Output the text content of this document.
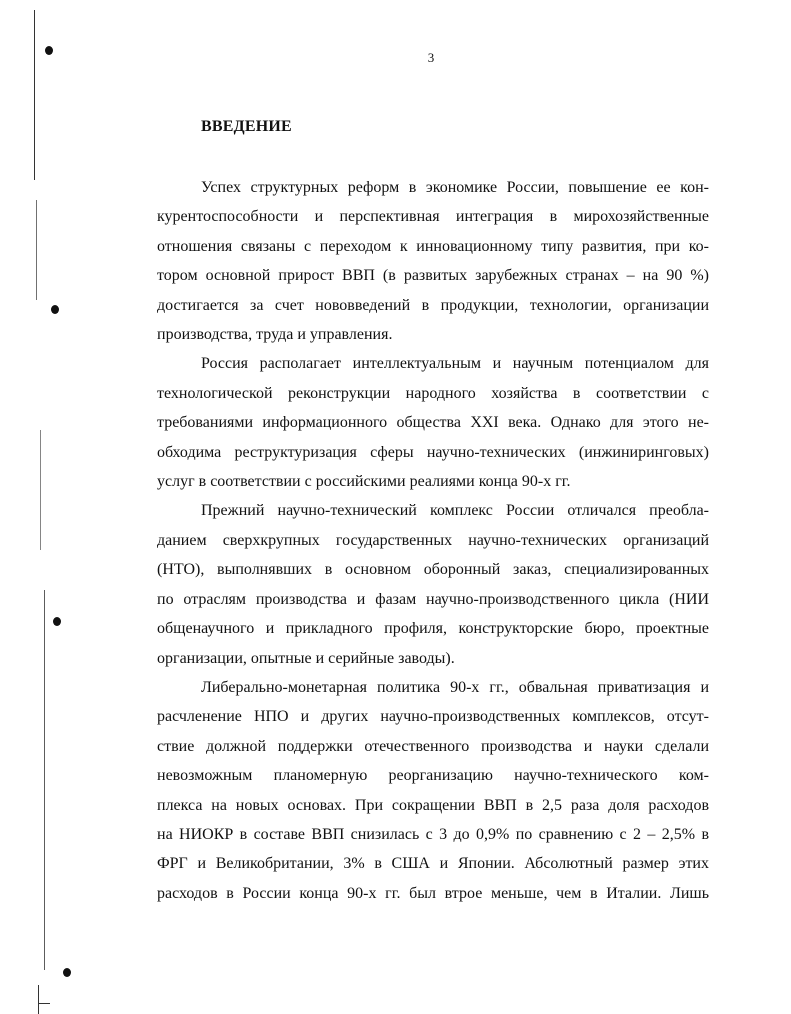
3
ВВЕДЕНИЕ

Успех структурных реформ в экономике России, повышение ее кон-
курентоспособности и перспективная интеграция в мирохозяйственные
отношения связаны с переходом к инновационному типу развития, при ко-
тором основной прирост ВВП (в развитых зарубежных странах – на 90 %)
достигается за счет нововведений в продукции, технологии, организации
производства, труда и управления.

Россия располагает интеллектуальным и научным потенциалом для
технологической реконструкции народного хозяйства в соответствии с
требованиями информационного общества XXI века. Однако для этого не-
обходима реструктуризация сферы научно-технических (инжиниринговых)
услуг в соответствии с российскими реалиями конца 90-х гг.

Прежний научно-технический комплекс России отличался преобла-
данием сверхкрупных государственных научно-технических организаций
(НТО), выполнявших в основном оборонный заказ, специализированных
по отраслям производства и фазам научно-производственного цикла (НИИ
общенаучного и прикладного профиля, конструкторские бюро, проектные
организации, опытные и серийные заводы).

Либерально-монетарная политика 90-х гг., обвальная приватизация и
расчленение НПО и других научно-производственных комплексов, отсут-
ствие должной поддержки отечественного производства и науки сделали
невозможным планомерную реорганизацию научно-технического ком-
плекса на новых основах. При сокращении ВВП в 2,5 раза доля расходов
на НИОКР в составе ВВП снизилась с 3 до 0,9% по сравнению с 2 – 2,5% в
ФРГ и Великобритании, 3% в США и Японии. Абсолютный размер этих
расходов в России конца 90-х гг. был втрое меньше, чем в Италии. Лишь
